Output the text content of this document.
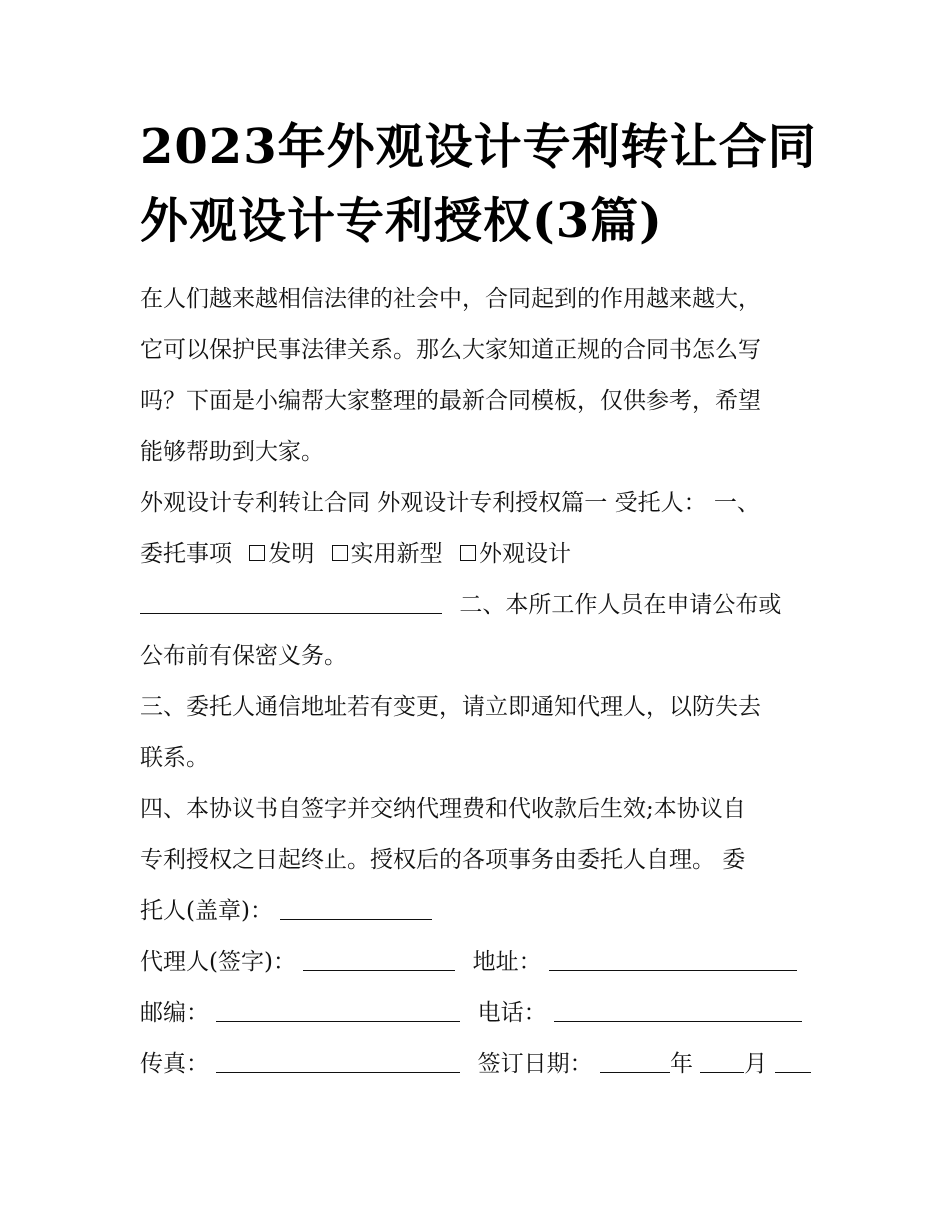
2023年外观设计专利转让合同
外观设计专利授权(3篇)
在人们越来越相信法律的社会中，合同起到的作用越来越大，
它可以保护民事法律关系。那么大家知道正规的合同书怎么写
吗？下面是小编帮大家整理的最新合同模板，仅供参考，希望
能够帮助到大家。
外观设计专利转让合同 外观设计专利授权篇一 受托人： 一、
委托事项 发明 实用新型 外观设计
二、本所工作人员在申请公布或
公布前有保密义务。
三、委托人通信地址若有变更，请立即通知代理人，以防失去
联系。
四、本协议书自签字并交纳代理费和代收款后生效;本协议自
专利授权之日起终止。授权后的各项事务由委托人自理。 委
托人(盖章)：
代理人(签字)：	地址：
邮编：	电话：
传真：	签订日期：	年 月
